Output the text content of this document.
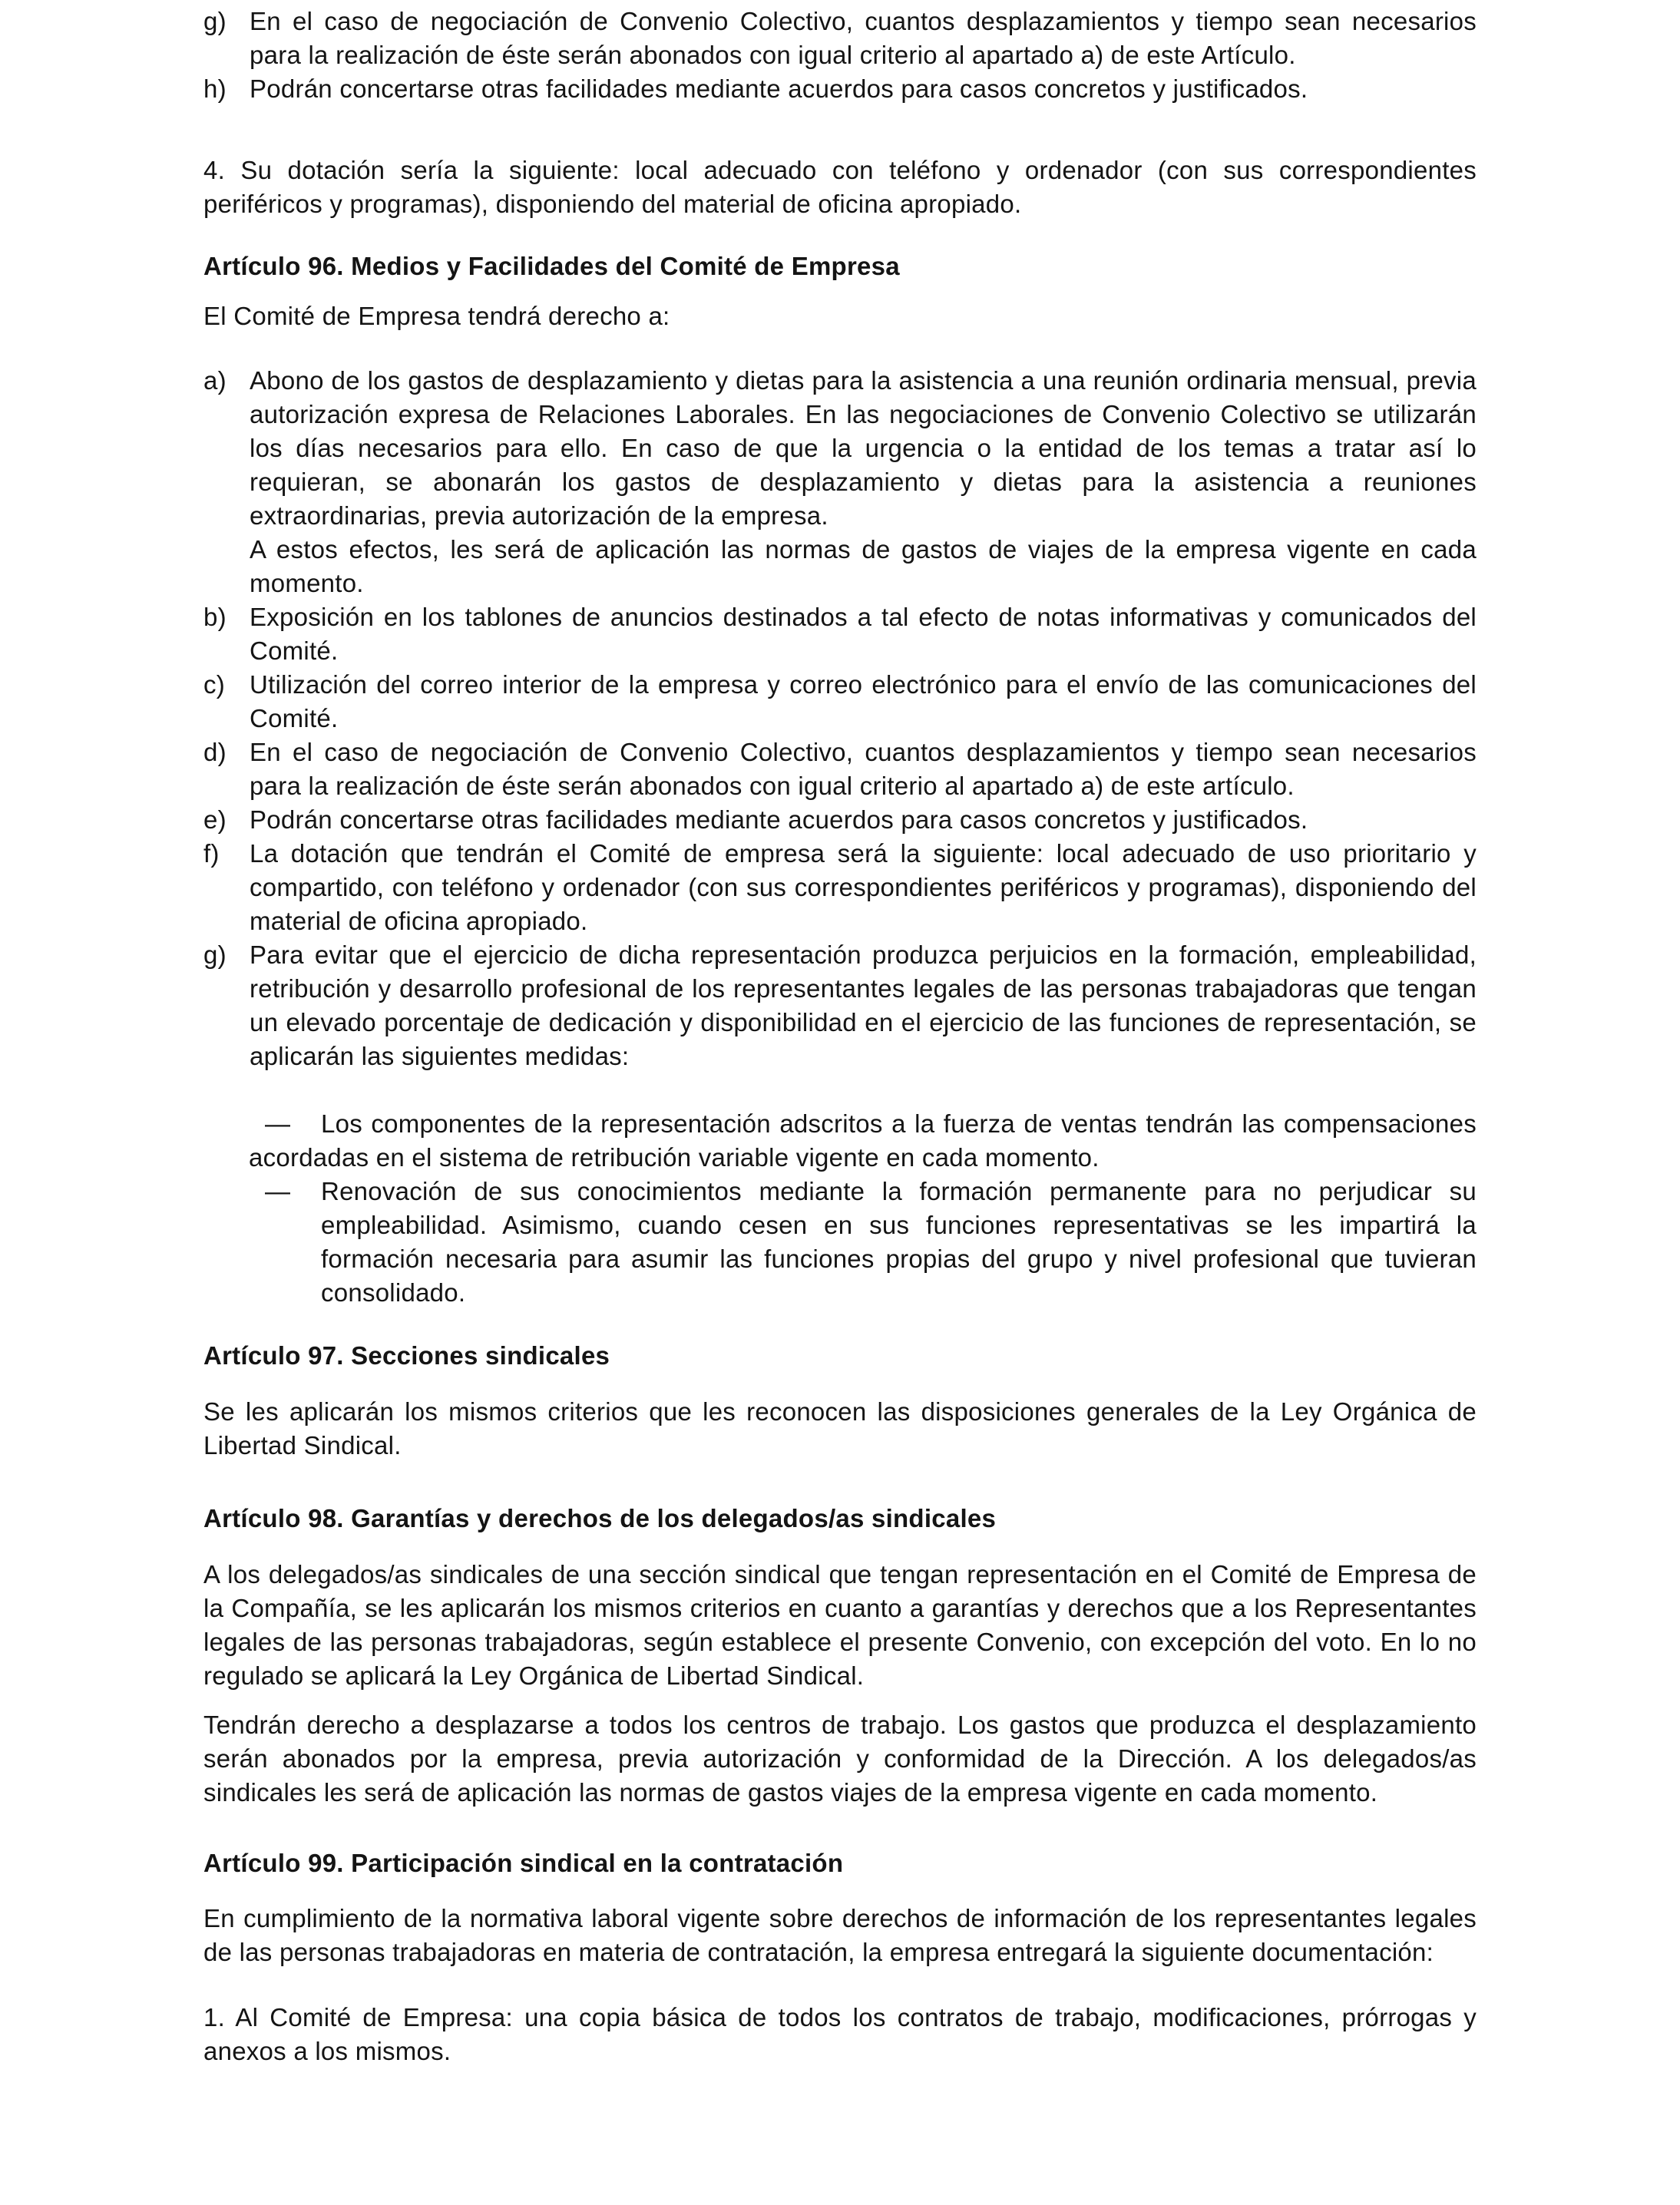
g) En el caso de negociación de Convenio Colectivo, cuantos desplazamientos y tiempo sean necesarios para la realización de éste serán abonados con igual criterio al apartado a) de este Artículo.
h) Podrán concertarse otras facilidades mediante acuerdos para casos concretos y justificados.

4. Su dotación sería la siguiente: local adecuado con teléfono y ordenador (con sus correspondientes periféricos y programas), disponiendo del material de oficina apropiado.

Artículo 96. Medios y Facilidades del Comité de Empresa

El Comité de Empresa tendrá derecho a:

a) Abono de los gastos de desplazamiento y dietas para la asistencia a una reunión ordinaria mensual, previa autorización expresa de Relaciones Laborales. En las negociaciones de Convenio Colectivo se utilizarán los días necesarios para ello. En caso de que la urgencia o la entidad de los temas a tratar así lo requieran, se abonarán los gastos de desplazamiento y dietas para la asistencia a reuniones extraordinarias, previa autorización de la empresa.
A estos efectos, les será de aplicación las normas de gastos de viajes de la empresa vigente en cada momento.
b) Exposición en los tablones de anuncios destinados a tal efecto de notas informativas y comunicados del Comité.
c) Utilización del correo interior de la empresa y correo electrónico para el envío de las comunicaciones del Comité.
d) En el caso de negociación de Convenio Colectivo, cuantos desplazamientos y tiempo sean necesarios para la realización de éste serán abonados con igual criterio al apartado a) de este artículo.
e) Podrán concertarse otras facilidades mediante acuerdos para casos concretos y justificados.
f) La dotación que tendrán el Comité de empresa será la siguiente: local adecuado de uso prioritario y compartido, con teléfono y ordenador (con sus correspondientes periféricos y programas), disponiendo del material de oficina apropiado.
g) Para evitar que el ejercicio de dicha representación produzca perjuicios en la formación, empleabilidad, retribución y desarrollo profesional de los representantes legales de las personas trabajadoras que tengan un elevado porcentaje de dedicación y disponibilidad en el ejercicio de las funciones de representación, se aplicarán las siguientes medidas:
— Los componentes de la representación adscritos a la fuerza de ventas tendrán las compensaciones acordadas en el sistema de retribución variable vigente en cada momento.
— Renovación de sus conocimientos mediante la formación permanente para no perjudicar su empleabilidad. Asimismo, cuando cesen en sus funciones representativas se les impartirá la formación necesaria para asumir las funciones propias del grupo y nivel profesional que tuvieran consolidado.
Artículo 97. Secciones sindicales

Se les aplicarán los mismos criterios que les reconocen las disposiciones generales de la Ley Orgánica de Libertad Sindical.

Artículo 98. Garantías y derechos de los delegados/as sindicales

A los delegados/as sindicales de una sección sindical que tengan representación en el Comité de Empresa de la Compañía, se les aplicarán los mismos criterios en cuanto a garantías y derechos que a los Representantes legales de las personas trabajadoras, según establece el presente Convenio, con excepción del voto. En lo no regulado se aplicará la Ley Orgánica de Libertad Sindical.

Tendrán derecho a desplazarse a todos los centros de trabajo. Los gastos que produzca el desplazamiento serán abonados por la empresa, previa autorización y conformidad de la Dirección. A los delegados/as sindicales les será de aplicación las normas de gastos viajes de la empresa vigente en cada momento.

Artículo 99. Participación sindical en la contratación

En cumplimiento de la normativa laboral vigente sobre derechos de información de los representantes legales de las personas trabajadoras en materia de contratación, la empresa entregará la siguiente documentación:

1. Al Comité de Empresa: una copia básica de todos los contratos de trabajo, modificaciones, prórrogas y anexos a los mismos.
